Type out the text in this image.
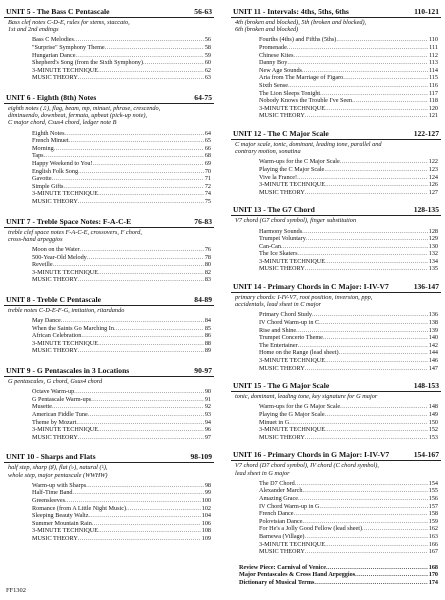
UNIT 5 - The Bass C Pentascale	56-63
Bass clef notes C-D-E, rules for stems, staccato,
1st and 2nd endings
Bass C Melodies .....	56
"Surprise" Symphony Theme .....	58
Hungarian Dance .....	59
Shepherd's Song (from the Sixth Symphony) .....	60
3-MINUTE TECHNIQUE .....	62
MUSIC THEORY .....	63
UNIT 6 - Eighth (8th) Notes	64-75
eighth notes (♫), flag, beam, mp, minuet, phrase, crescendo,
diminuendo, downbeat, fermata, upbeat (pick-up note),
C major chord, Csus4 chord, ledger note B
Eighth Notes .....	64
French Minuet .....	65
Morning .....	66
Taps .....	68
Happy Weekend to You! .....	69
English Folk Song .....	70
Gavotte .....	71
Simple Gifts .....	72
3-MINUTE TECHNIQUE .....	74
MUSIC THEORY .....	75
UNIT 7 - Treble Space Notes: F-A-C-E	76-83
treble clef space notes F-A-C-E, crossovers, F chord,
cross-hand arpeggios
Moon on the Water .....	76
500-Year-Old Melody .....	78
Reveille .....	80
3-MINUTE TECHNIQUE .....	82
MUSIC THEORY .....	83
UNIT 8 - Treble C Pentascale	84-89
treble notes C-D-E-F-G, imitation, ritardando
May Dance .....	84
When the Saints Go Marching In .....	85
African Celebration .....	86
3-MINUTE TECHNIQUE .....	88
MUSIC THEORY .....	89
UNIT 9 - G Pentascales in 3 Locations	90-97
G pentascales, G chord, Gsus4 chord
Octave Warm-up .....	90
G Pentascale Warm-ups .....	91
Musette .....	92
American Fiddle Tune .....	93
Theme by Mozart .....	94
3-MINUTE TECHNIQUE .....	96
MUSIC THEORY .....	97
UNIT 10 - Sharps and Flats	98-109
half step, sharp (♯), flat (♭), natural (♮),
whole step, major pentascale (WWHW)
Warm-up with Sharps .....	98
Half-Time Band .....	99
Greensleeves .....	100
Romance (from A Little Night Music) .....	102
Sleeping Beauty Waltz .....	104
Summer Mountain Rain .....	106
3-MINUTE TECHNIQUE .....	108
MUSIC THEORY .....	109
UNIT 11 - Intervals: 4ths, 5ths, 6ths	110-121
4th (broken and blocked), 5th (broken and blocked),
6th (broken and blocked)
Fourths (4ths) and Fifths (5ths) .....	110
Promenade .....	111
Chinese Kites .....	112
Danny Boy .....	113
New Age Sounds .....	114
Aria from The Marriage of Figaro .....	115
Sixth Sense .....	116
The Lion Sleeps Tonight .....	117
Nobody Knows the Trouble I've Seen .....	118
3-MINUTE TECHNIQUE .....	120
MUSIC THEORY .....	121
UNIT 12 - The C Major Scale	122-127
C major scale, tonic, dominant, leading tone, parallel and
contrary motion, sonatina
Warm-ups for the C Major Scale .....	122
Playing the C Major Scale .....	123
Vive la France! .....	124
3-MINUTE TECHNIQUE .....	126
MUSIC THEORY .....	127
UNIT 13 - The G7 Chord	128-135
V7 chord (G7 chord symbol), finger substitution
Harmony Sounds .....	128
Trumpet Voluntary .....	129
Can-Can .....	130
The Ice Skaters .....	132
3-MINUTE TECHNIQUE .....	134
MUSIC THEORY .....	135
UNIT 14 - Primary Chords in C Major: I-IV-V7	136-147
primary chords: I-IV-V7, root position, inversion, ppp,
accidentals, lead sheet in C major
Primary Chord Study .....	136
IV Chord Warm-up in C .....	138
Rise and Shine .....	139
Trumpet Concerto Theme .....	140
The Entertainer .....	142
Home on the Range (lead sheet) .....	144
3-MINUTE TECHNIQUE .....	146
MUSIC THEORY .....	147
UNIT 15 - The G Major Scale	148-153
tonic, dominant, leading tone, key signature for G major
Warm-ups for the G Major Scale .....	148
Playing the G Major Scale .....	149
Minuet in G .....	150
3-MINUTE TECHNIQUE .....	152
MUSIC THEORY .....	153
UNIT 16 - Primary Chords in G Major: I-IV-V7	154-167
V7 chord (D7 chord symbol), IV chord (C chord symbol),
lead sheet in G major
The D7 Chord .....	154
Alexander March .....	155
Amazing Grace .....	156
IV Chord Warm-up in G .....	157
French Dance .....	158
Polovtsian Dance .....	159
For He's a Jolly Good Fellow (lead sheet) .....	162
Barnewa (Village) .....	163
3-MINUTE TECHNIQUE .....	166
MUSIC THEORY .....	167
Review Piece: Carnival of Venice .....	168
Major Pentascales & Cross Hand Arpeggios .....	170
Dictionary of Musical Terms .....	174
FF1302
